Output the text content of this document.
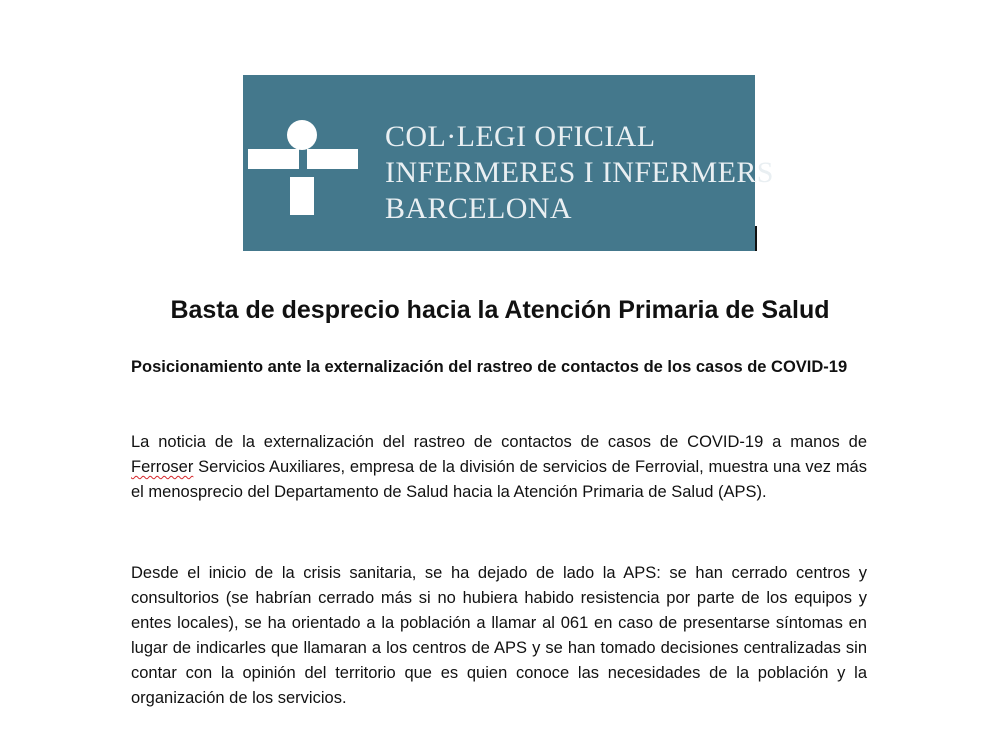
COL·LEGI OFICIAL
INFERMERES I INFERMERS
BARCELONA
Basta de desprecio hacia la Atención Primaria de Salud

Posicionamiento ante la externalización del rastreo de contactos de los casos de COVID-19

La noticia de la externalización del rastreo de contactos de casos de COVID-19 a manos de Ferroser Servicios Auxiliares, empresa de la división de servicios de Ferrovial, muestra una vez más el menosprecio del Departamento de Salud hacia la Atención Primaria de Salud (APS).

Desde el inicio de la crisis sanitaria, se ha dejado de lado la APS: se han cerrado centros y consultorios (se habrían cerrado más si no hubiera habido resistencia por parte de los equipos y entes locales), se ha orientado a la población a llamar al 061 en caso de presentarse síntomas en lugar de indicarles que llamaran a los centros de APS y se han tomado decisiones centralizadas sin contar con la opinión del territorio que es quien conoce las necesidades de la población y la organización de los servicios.
